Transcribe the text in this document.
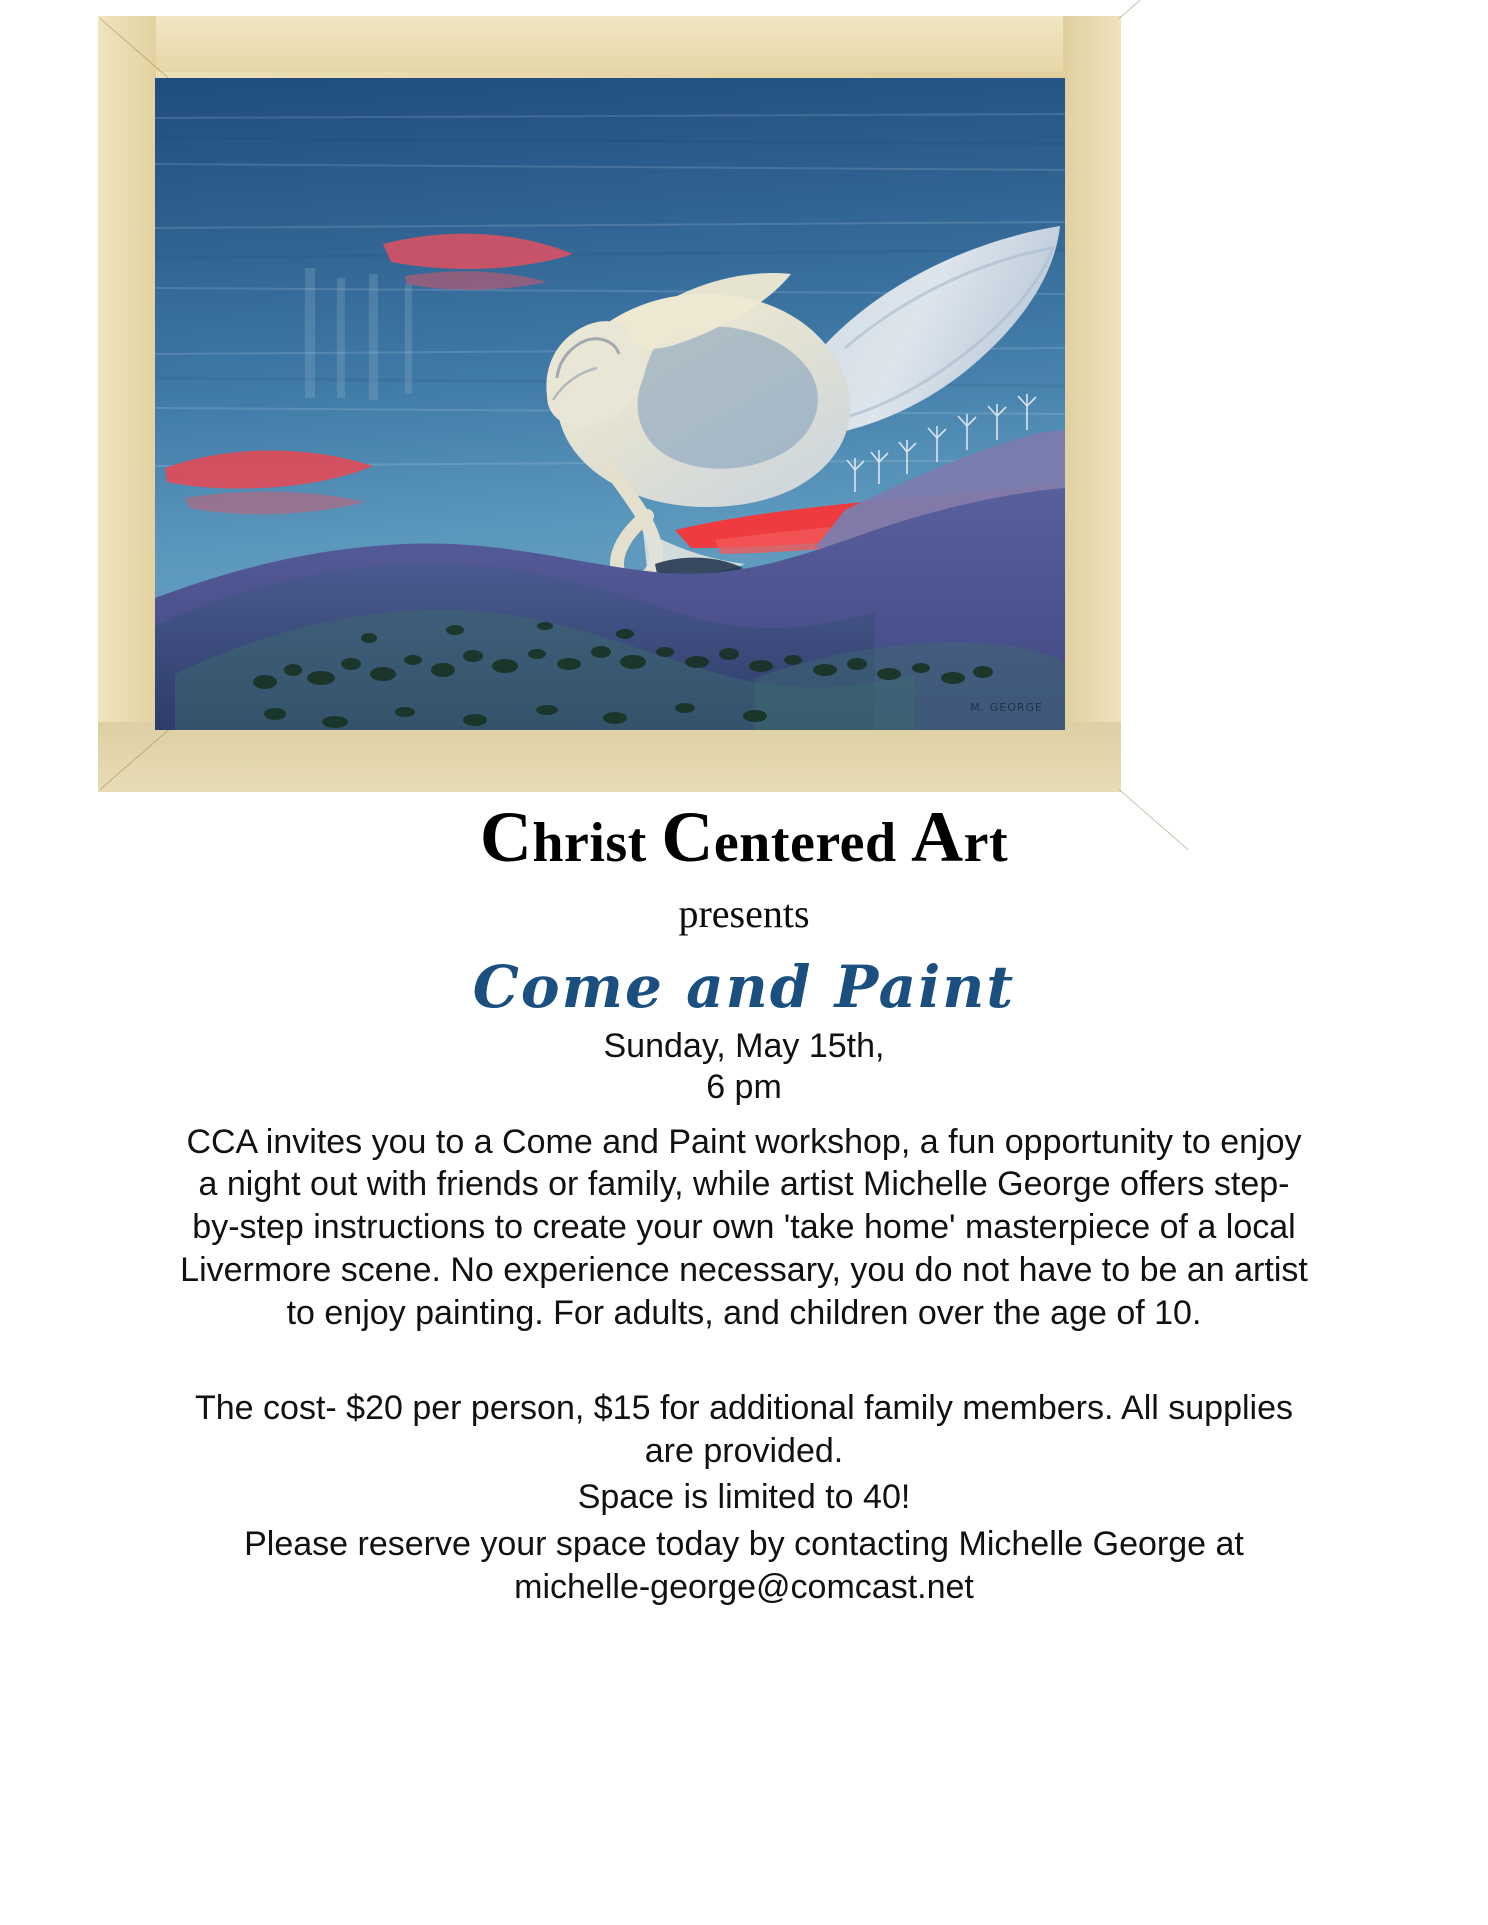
M. GEORGE
Christ Centered Art

presents

Come and Paint

Sunday, May 15th,

6 pm

CCA invites you to a Come and Paint workshop, a fun opportunity to enjoy a night out with friends or family, while artist Michelle George offers step-by-step instructions to create your own 'take home' masterpiece of a local Livermore scene. No experience necessary, you do not have to be an artist to enjoy painting. For adults, and children over the age of 10.

The cost- $20 per person, $15 for additional family members. All supplies are provided.

Space is limited to 40!

Please reserve your space today by contacting Michelle George at

michelle-george@comcast.net
